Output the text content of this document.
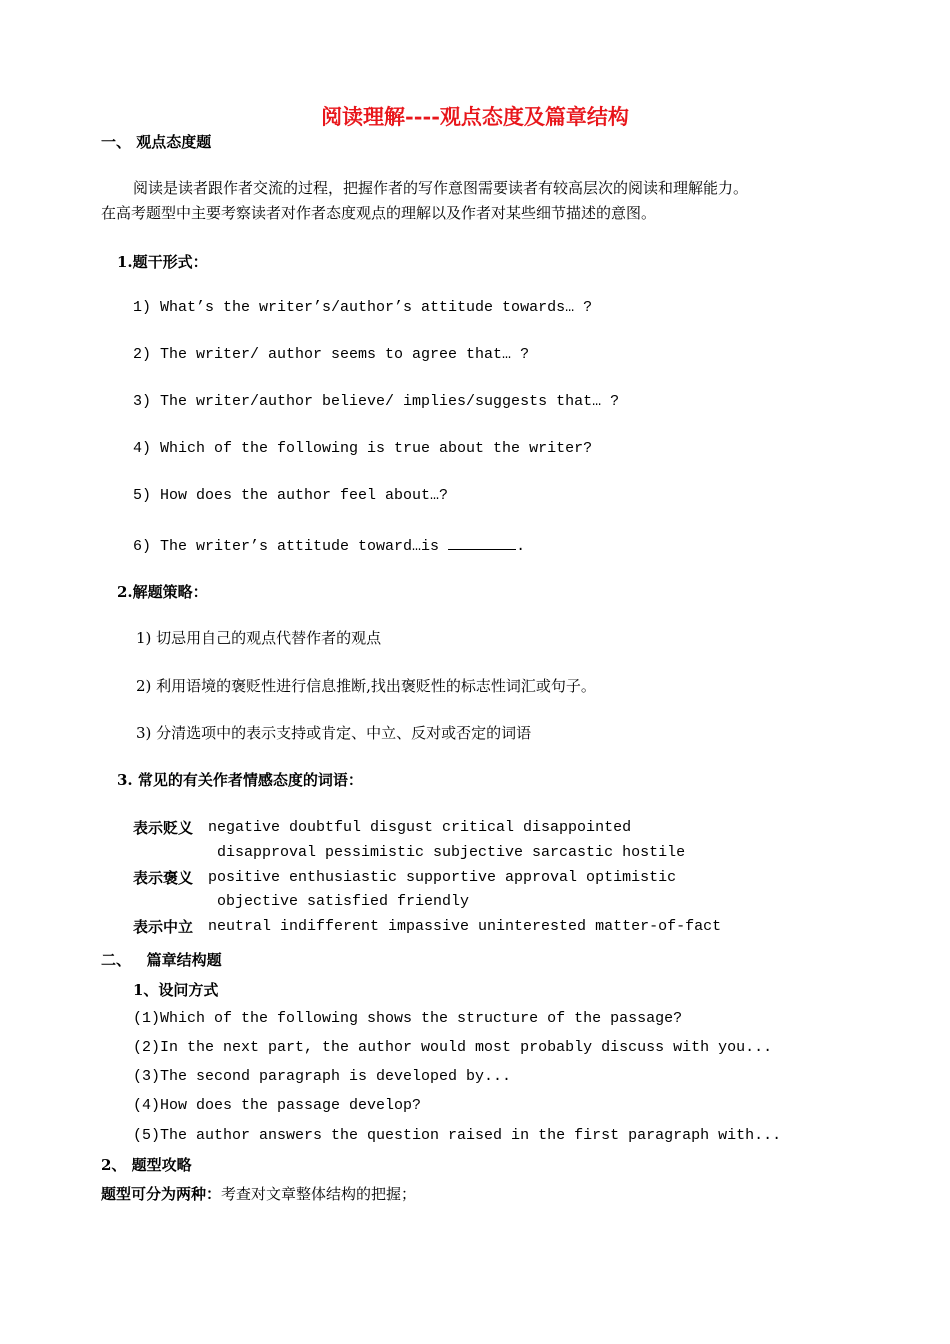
阅读理解----观点态度及篇章结构
一、 观点态度题
阅读是读者跟作者交流的过程，把握作者的写作意图需要读者有较高层次的阅读和理解能力。
在高考题型中主要考察读者对作者态度观点的理解以及作者对某些细节描述的意图。
1.题干形式：
1) What’s the writer’s/author’s attitude towards… ?
2) The writer/ author seems to agree that… ?
3) The writer/author believe/ implies/suggests that… ?
4) Which of the following is true about the writer?
5) How does the author feel about…?
6) The writer’s attitude toward…is	.
2.解题策略：
1) 切忌用自己的观点代替作者的观点
2) 利用语境的褒贬性进行信息推断,找出褒贬性的标志性词汇或句子。
3) 分清选项中的表示支持或肯定、中立、反对或否定的词语
3. 常见的有关作者情感态度的词语：
表示贬义 negative doubtful disgust critical disappointed
disapproval pessimistic subjective sarcastic hostile
表示褒义 positive enthusiastic supportive approval optimistic
objective satisfied friendly
表示中立 neutral indifferent impassive uninterested matter-of-fact
二、   篇章结构题
1、设问方式
(1)Which of the following shows the structure of the passage?
(2)In the next part, the author would most probably discuss with you...
(3)The second paragraph is developed by...
(4)How does the passage develop?
(5)The author answers the question raised in the first paragraph with...
2、 题型攻略
题型可分为两种：考查对文章整体结构的把握；
